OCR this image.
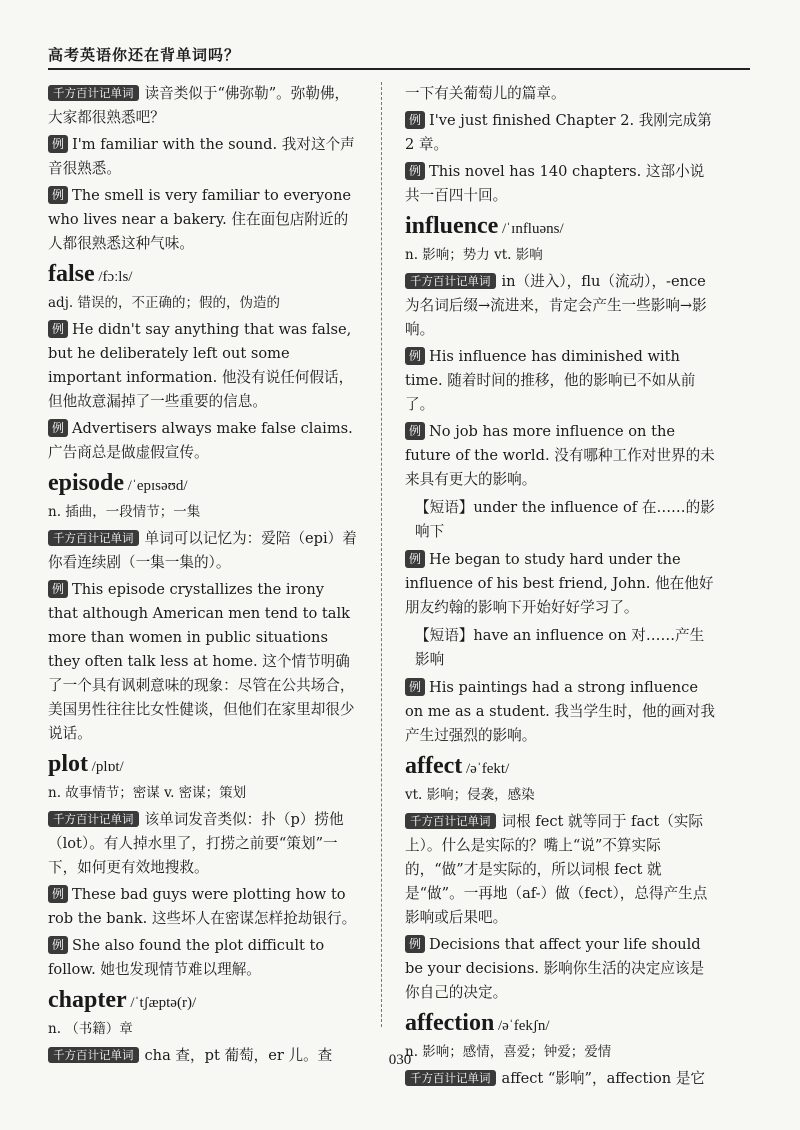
高考英语你还在背单词吗？

千方百计记单词 读音类似于“佛弥勒”。弥勒佛，大家都很熟悉吧？

例 I'm familiar with the sound. 我对这个声音很熟悉。

例 The smell is very familiar to everyone who lives near a bakery. 住在面包店附近的人都很熟悉这种气味。

false /fɔːls/

adj. 错误的，不正确的；假的，伪造的

例 He didn't say anything that was false, but he deliberately left out some important information. 他没有说任何假话，但他故意漏掉了一些重要的信息。

例 Advertisers always make false claims. 广告商总是做虚假宣传。

episode /ˈepɪsəʊd/

n. 插曲，一段情节；一集

千方百计记单词 单词可以记忆为：爱陪（epi）着你看连续剧（一集一集的）。

例 This episode crystallizes the irony that although American men tend to talk more than women in public situations they often talk less at home. 这个情节明确了一个具有讽刺意味的现象：尽管在公共场合，美国男性往往比女性健谈，但他们在家里却很少说话。

plot /plɒt/

n. 故事情节；密谋 v. 密谋；策划

千方百计记单词 该单词发音类似：扑（p）捞他（lot）。有人掉水里了，打捞之前要“策划”一下，如何更有效地搜救。

例 These bad guys were plotting how to rob the bank. 这些坏人在密谋怎样抢劫银行。

例 She also found the plot difficult to follow. 她也发现情节难以理解。

chapter /ˈtʃæptə(r)/

n. （书籍）章

千方百计记单词 cha 查，pt 葡萄，er 儿。查

一下有关葡萄儿的篇章。

例 I've just finished Chapter 2. 我刚完成第 2 章。

例 This novel has 140 chapters. 这部小说共一百四十回。

influence /ˈɪnfluəns/

n. 影响；势力 vt. 影响

千方百计记单词 in（进入），flu（流动），-ence 为名词后缀→流进来，肯定会产生一些影响→影响。

例 His influence has diminished with time. 随着时间的推移，他的影响已不如从前了。

例 No job has more influence on the future of the world. 没有哪种工作对世界的未来具有更大的影响。

【短语】under the influence of 在……的影响下

例 He began to study hard under the influence of his best friend, John. 他在他好朋友约翰的影响下开始好好学习了。

【短语】have an influence on 对……产生影响

例 His paintings had a strong influence on me as a student. 我当学生时，他的画对我产生过强烈的影响。

affect /əˈfekt/

vt. 影响；侵袭，感染

千方百计记单词 词根 fect 就等同于 fact（实际上）。什么是实际的？嘴上“说”不算实际的，“做”才是实际的，所以词根 fect 就是“做”。一再地（af-）做（fect），总得产生点影响或后果吧。

例 Decisions that affect your life should be your decisions. 影响你生活的决定应该是你自己的决定。

affection /əˈfekʃn/

n. 影响；感情，喜爱；钟爱；爱情

千方百计记单词 affect “影响”，affection 是它

030
